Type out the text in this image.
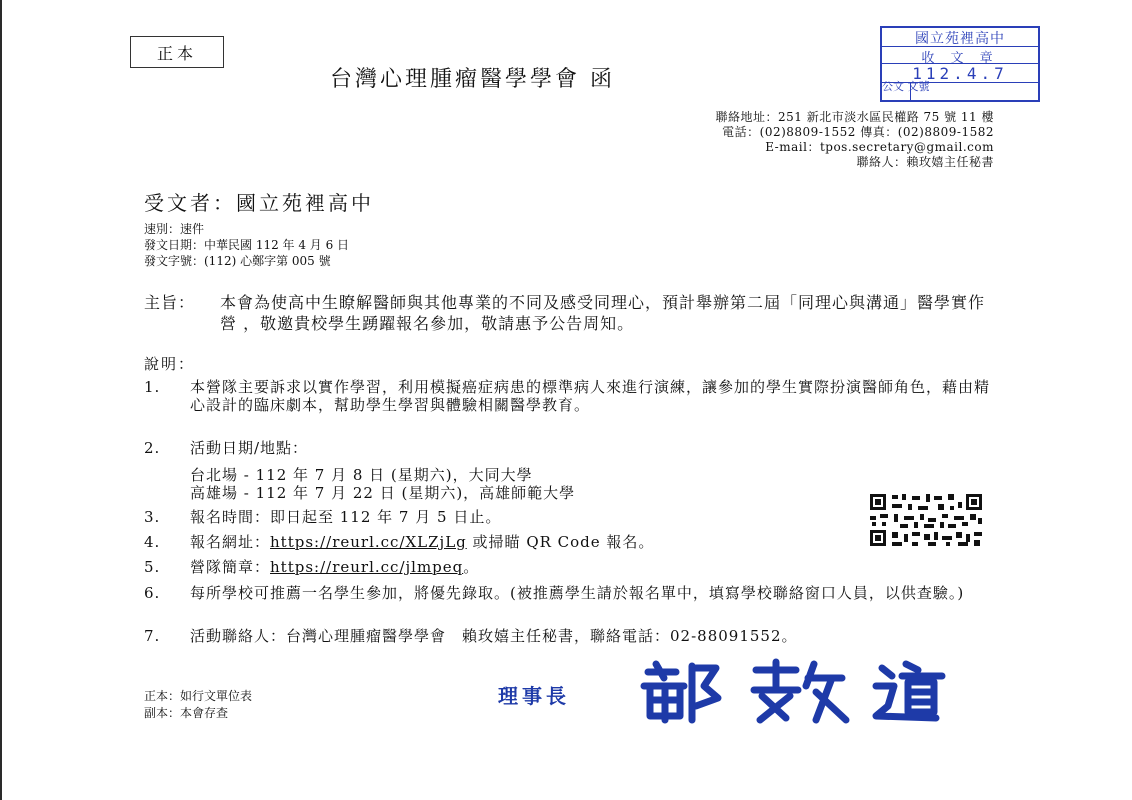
正本
台灣心理腫瘤醫學學會 函
國立苑裡高中
收 文 章
112.4.7
公文 文號
聯絡地址：251 新北市淡水區民權路 75 號 11 樓
電話：(02)8809-1552 傳真：(02)8809-1582
E-mail：tpos.secretary@gmail.com
聯絡人：賴玫嬉主任秘書
受文者：國立苑裡高中
速別：速件
發文日期：中華民國 112 年 4 月 6 日
發文字號：(112) 心鄭字第 005 號
主旨： 本會為使高中生瞭解醫師與其他專業的不同及感受同理心，預計舉辦第二屆「同理心與溝通」醫學實作營 ，敬邀貴校學生踴躍報名參加，敬請惠予公告周知。
說明：
1. 本營隊主要訴求以實作學習，利用模擬癌症病患的標準病人來進行演練，讓參加的學生實際扮演醫師角色，藉由精心設計的臨床劇本，幫助學生學習與體驗相關醫學教育。
2. 活動日期/地點：
台北場 - 112 年 7 月 8 日 (星期六)，大同大學
高雄場 - 112 年 7 月 22 日 (星期六)，高雄師範大學
3. 報名時間：即日起至 112 年 7 月 5 日止。
4. 報名網址：https://reurl.cc/XLZjLg 或掃瞄 QR Code 報名。
5. 營隊簡章：https://reurl.cc/jlmpeq。
6. 每所學校可推薦一名學生參加，將優先錄取。(被推薦學生請於報名單中，填寫學校聯絡窗口人員，以供查驗。)
7. 活動聯絡人：台灣心理腫瘤醫學學會　賴玫嬉主任秘書，聯絡電話：02-88091552。
正本：如行文單位表
副本：本會存查
理事長
